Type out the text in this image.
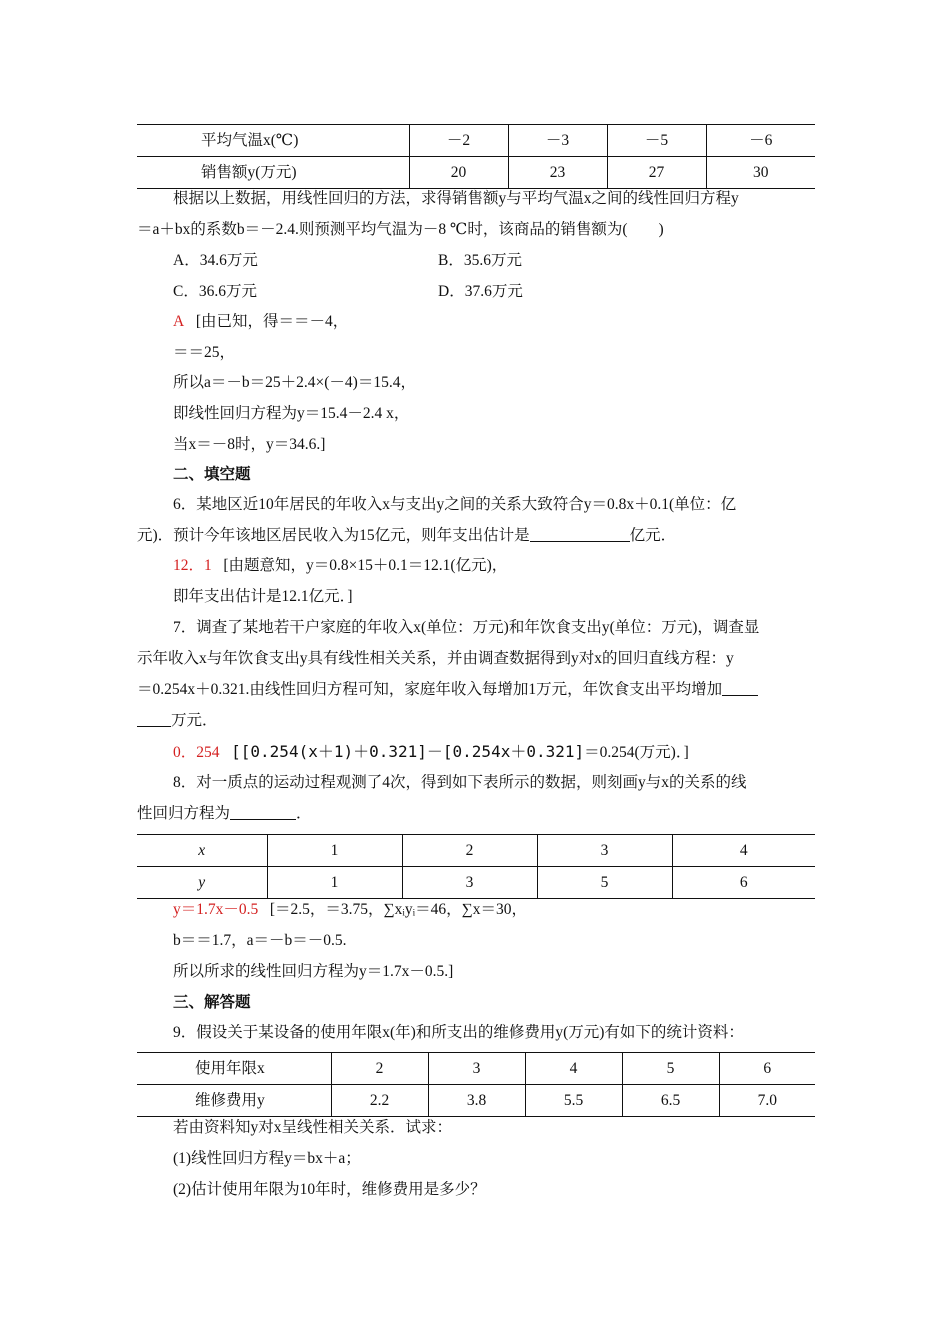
平均气温x(℃)	－2	－3	－5	－6
销售额y(万元)	20	23	27	30
根据以上数据，用线性回归的方法，求得销售额y与平均气温x之间的线性回归方程y
＝a＋bx的系数b＝－2.4.则预测平均气温为－8 ℃时，该商品的销售额为(　　)
A．34.6万元	B．35.6万元
C．36.6万元	D．37.6万元
A [由已知，得＝＝－4，
＝＝25，
所以a＝－b＝25＋2.4×(－4)＝15.4，
即线性回归方程为y＝15.4－2.4 x，
当x＝－8时，y＝34.6.]
二、填空题
6．某地区近10年居民的年收入x与支出y之间的关系大致符合y＝0.8x＋0.1(单位：亿
元)．预计今年该地区居民收入为15亿元，则年支出估计是	亿元．
12．1 [由题意知，y＝0.8×15＋0.1＝12.1(亿元)，
即年支出估计是12.1亿元．]
7．调查了某地若干户家庭的年收入x(单位：万元)和年饮食支出y(单位：万元)，调查显
示年收入x与年饮食支出y具有线性相关关系，并由调查数据得到y对x的回归直线方程：y
＝0.254x＋0.321.由线性回归方程可知，家庭年收入每增加1万元，年饮食支出平均增加
万元．
0．254 [[0.254(x＋1)＋0.321]－[0.254x＋0.321]＝0.254(万元)．]
8．对一质点的运动过程观测了4次，得到如下表所示的数据，则刻画y与x的关系的线
性回归方程为	．
x	1	2	3	4
y	1	3	5	6
y＝1.7x－0.5 [＝2.5，＝3.75，∑xᵢyᵢ＝46，∑x＝30，
b＝＝1.7，a＝－b＝－0.5.
所以所求的线性回归方程为y＝1.7x－0.5.]
三、解答题
9．假设关于某设备的使用年限x(年)和所支出的维修费用y(万元)有如下的统计资料：
使用年限x	2	3	4	5	6
维修费用y	2.2	3.8	5.5	6.5	7.0
若由资料知y对x呈线性相关关系．试求：
(1)线性回归方程y＝bx＋a；
(2)估计使用年限为10年时，维修费用是多少？
